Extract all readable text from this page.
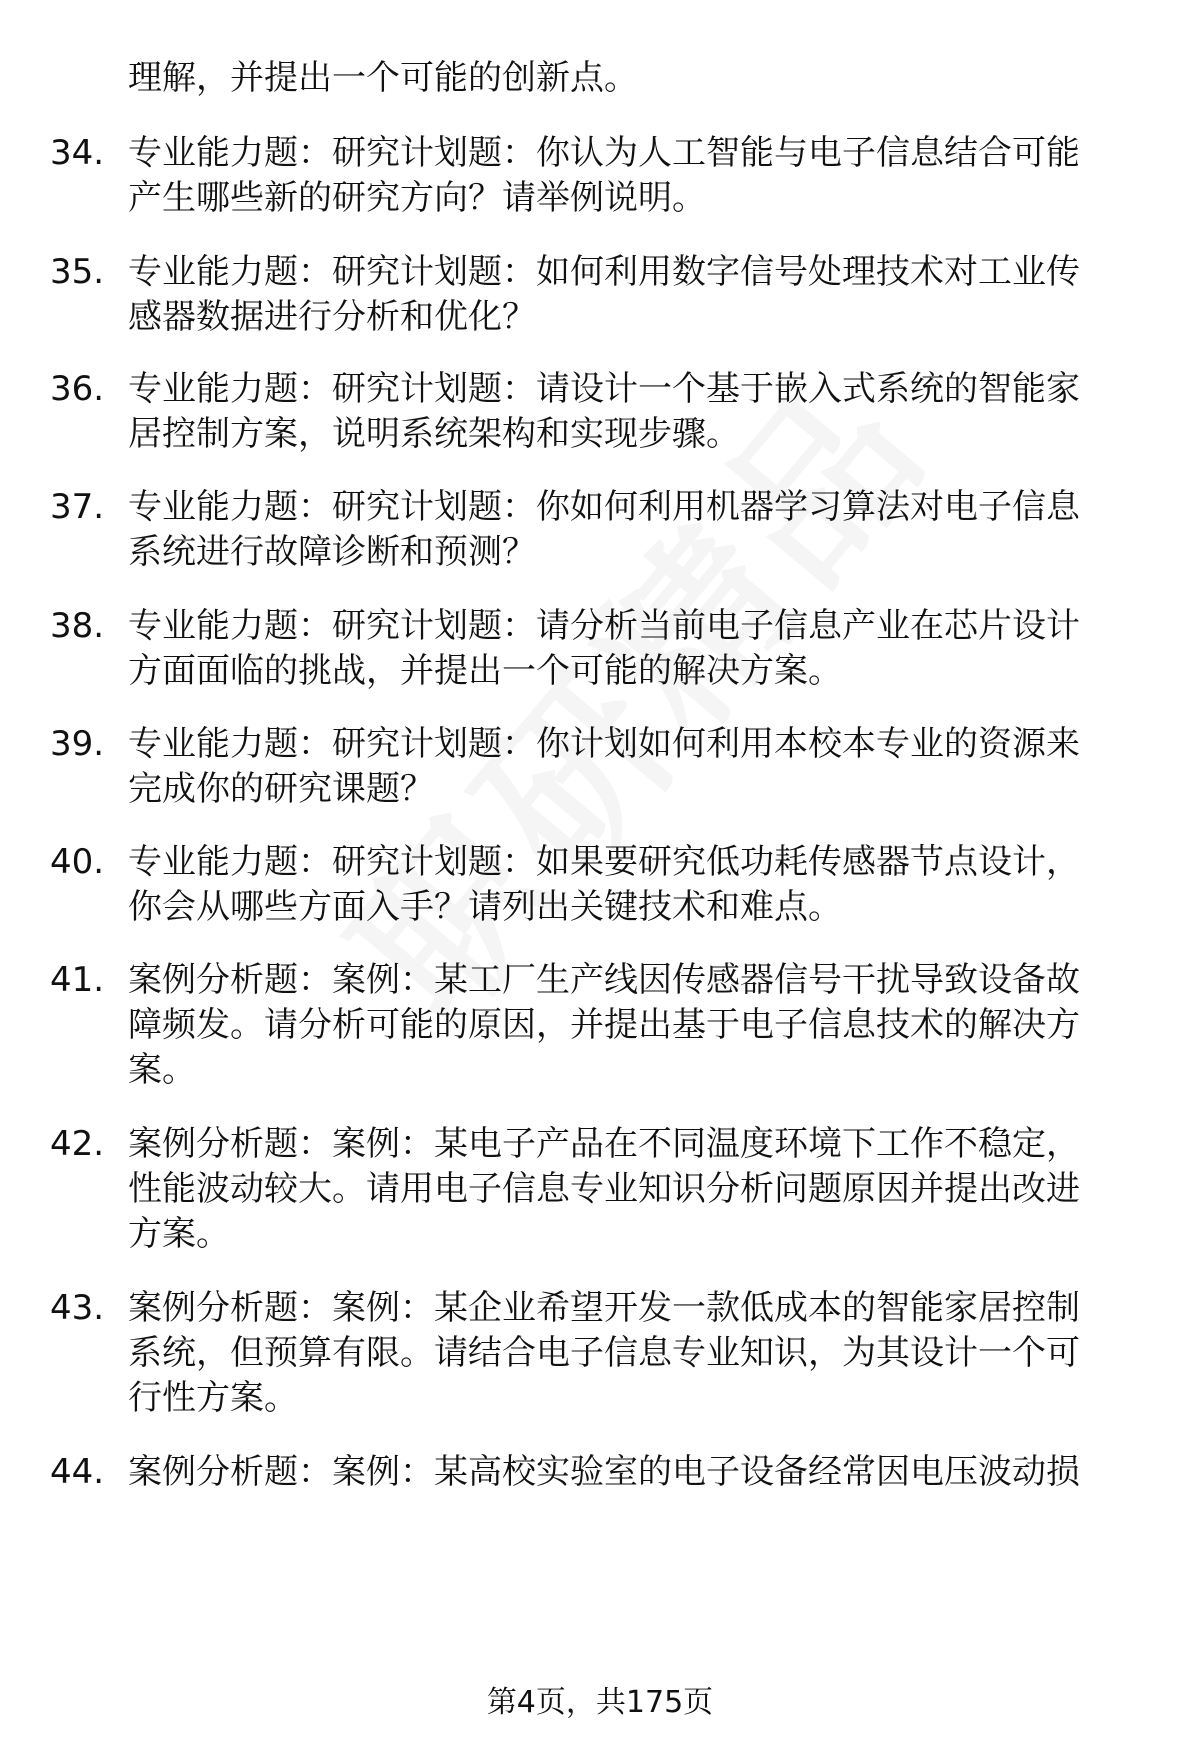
理解，并提出一个可能的创新点。
34. 专业能力题：研究计划题：你认为人工智能与电子信息结合可能
产生哪些新的研究方向？请举例说明。
35. 专业能力题：研究计划题：如何利用数字信号处理技术对工业传
感器数据进行分析和优化？
36. 专业能力题：研究计划题：请设计一个基于嵌入式系统的智能家
居控制方案，说明系统架构和实现步骤。
37. 专业能力题：研究计划题：你如何利用机器学习算法对电子信息
系统进行故障诊断和预测？
38. 专业能力题：研究计划题：请分析当前电子信息产业在芯片设计
方面面临的挑战，并提出一个可能的解决方案。
39. 专业能力题：研究计划题：你计划如何利用本校本专业的资源来
完成你的研究课题？
40. 专业能力题：研究计划题：如果要研究低功耗传感器节点设计，
你会从哪些方面入手？请列出关键技术和难点。
41. 案例分析题：案例：某工厂生产线因传感器信号干扰导致设备故
障频发。请分析可能的原因，并提出基于电子信息技术的解决方
案。
42. 案例分析题：案例：某电子产品在不同温度环境下工作不稳定，
性能波动较大。请用电子信息专业知识分析问题原因并提出改进
方案。
43. 案例分析题：案例：某企业希望开发一款低成本的智能家居控制
系统，但预算有限。请结合电子信息专业知识，为其设计一个可
行性方案。
44. 案例分析题：案例：某高校实验室的电子设备经常因电压波动损
第4页，共175页
